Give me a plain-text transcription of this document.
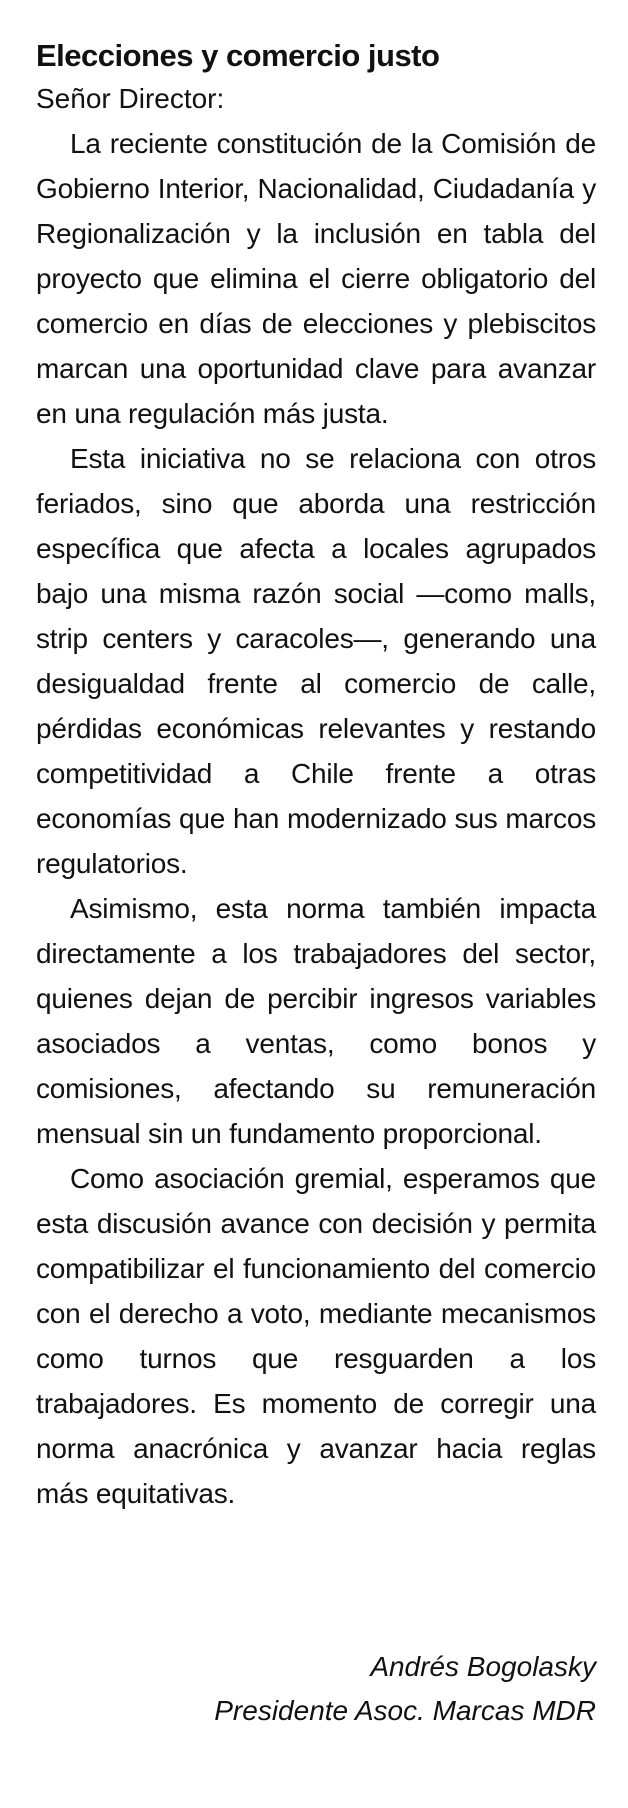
Elecciones y comercio justo
Señor Director:

La reciente constitución de la Comisión de Gobierno Interior, Nacionalidad, Ciudadanía y Regionalización y la inclusión en tabla del proyecto que elimina el cierre obligatorio del comercio en días de elecciones y plebiscitos marcan una oportunidad clave para avanzar en una regulación más justa.

Esta iniciativa no se relaciona con otros feriados, sino que aborda una restricción específica que afecta a locales agrupados bajo una misma razón social —como malls, strip centers y caracoles—, generando una desigualdad frente al comercio de calle, pérdidas económicas relevantes y restando competitividad a Chile frente a otras economías que han modernizado sus marcos regulatorios.

Asimismo, esta norma también impacta directamente a los trabajadores del sector, quienes dejan de percibir ingresos variables asociados a ventas, como bonos y comisiones, afectando su remuneración mensual sin un fundamento proporcional.

Como asociación gremial, esperamos que esta discusión avance con decisión y permita compatibilizar el funcionamiento del comercio con el derecho a voto, mediante mecanismos como turnos que resguarden a los trabajadores. Es momento de corregir una norma anacrónica y avanzar hacia reglas más equitativas.

Andrés Bogolasky
Presidente Asoc. Marcas MDR
